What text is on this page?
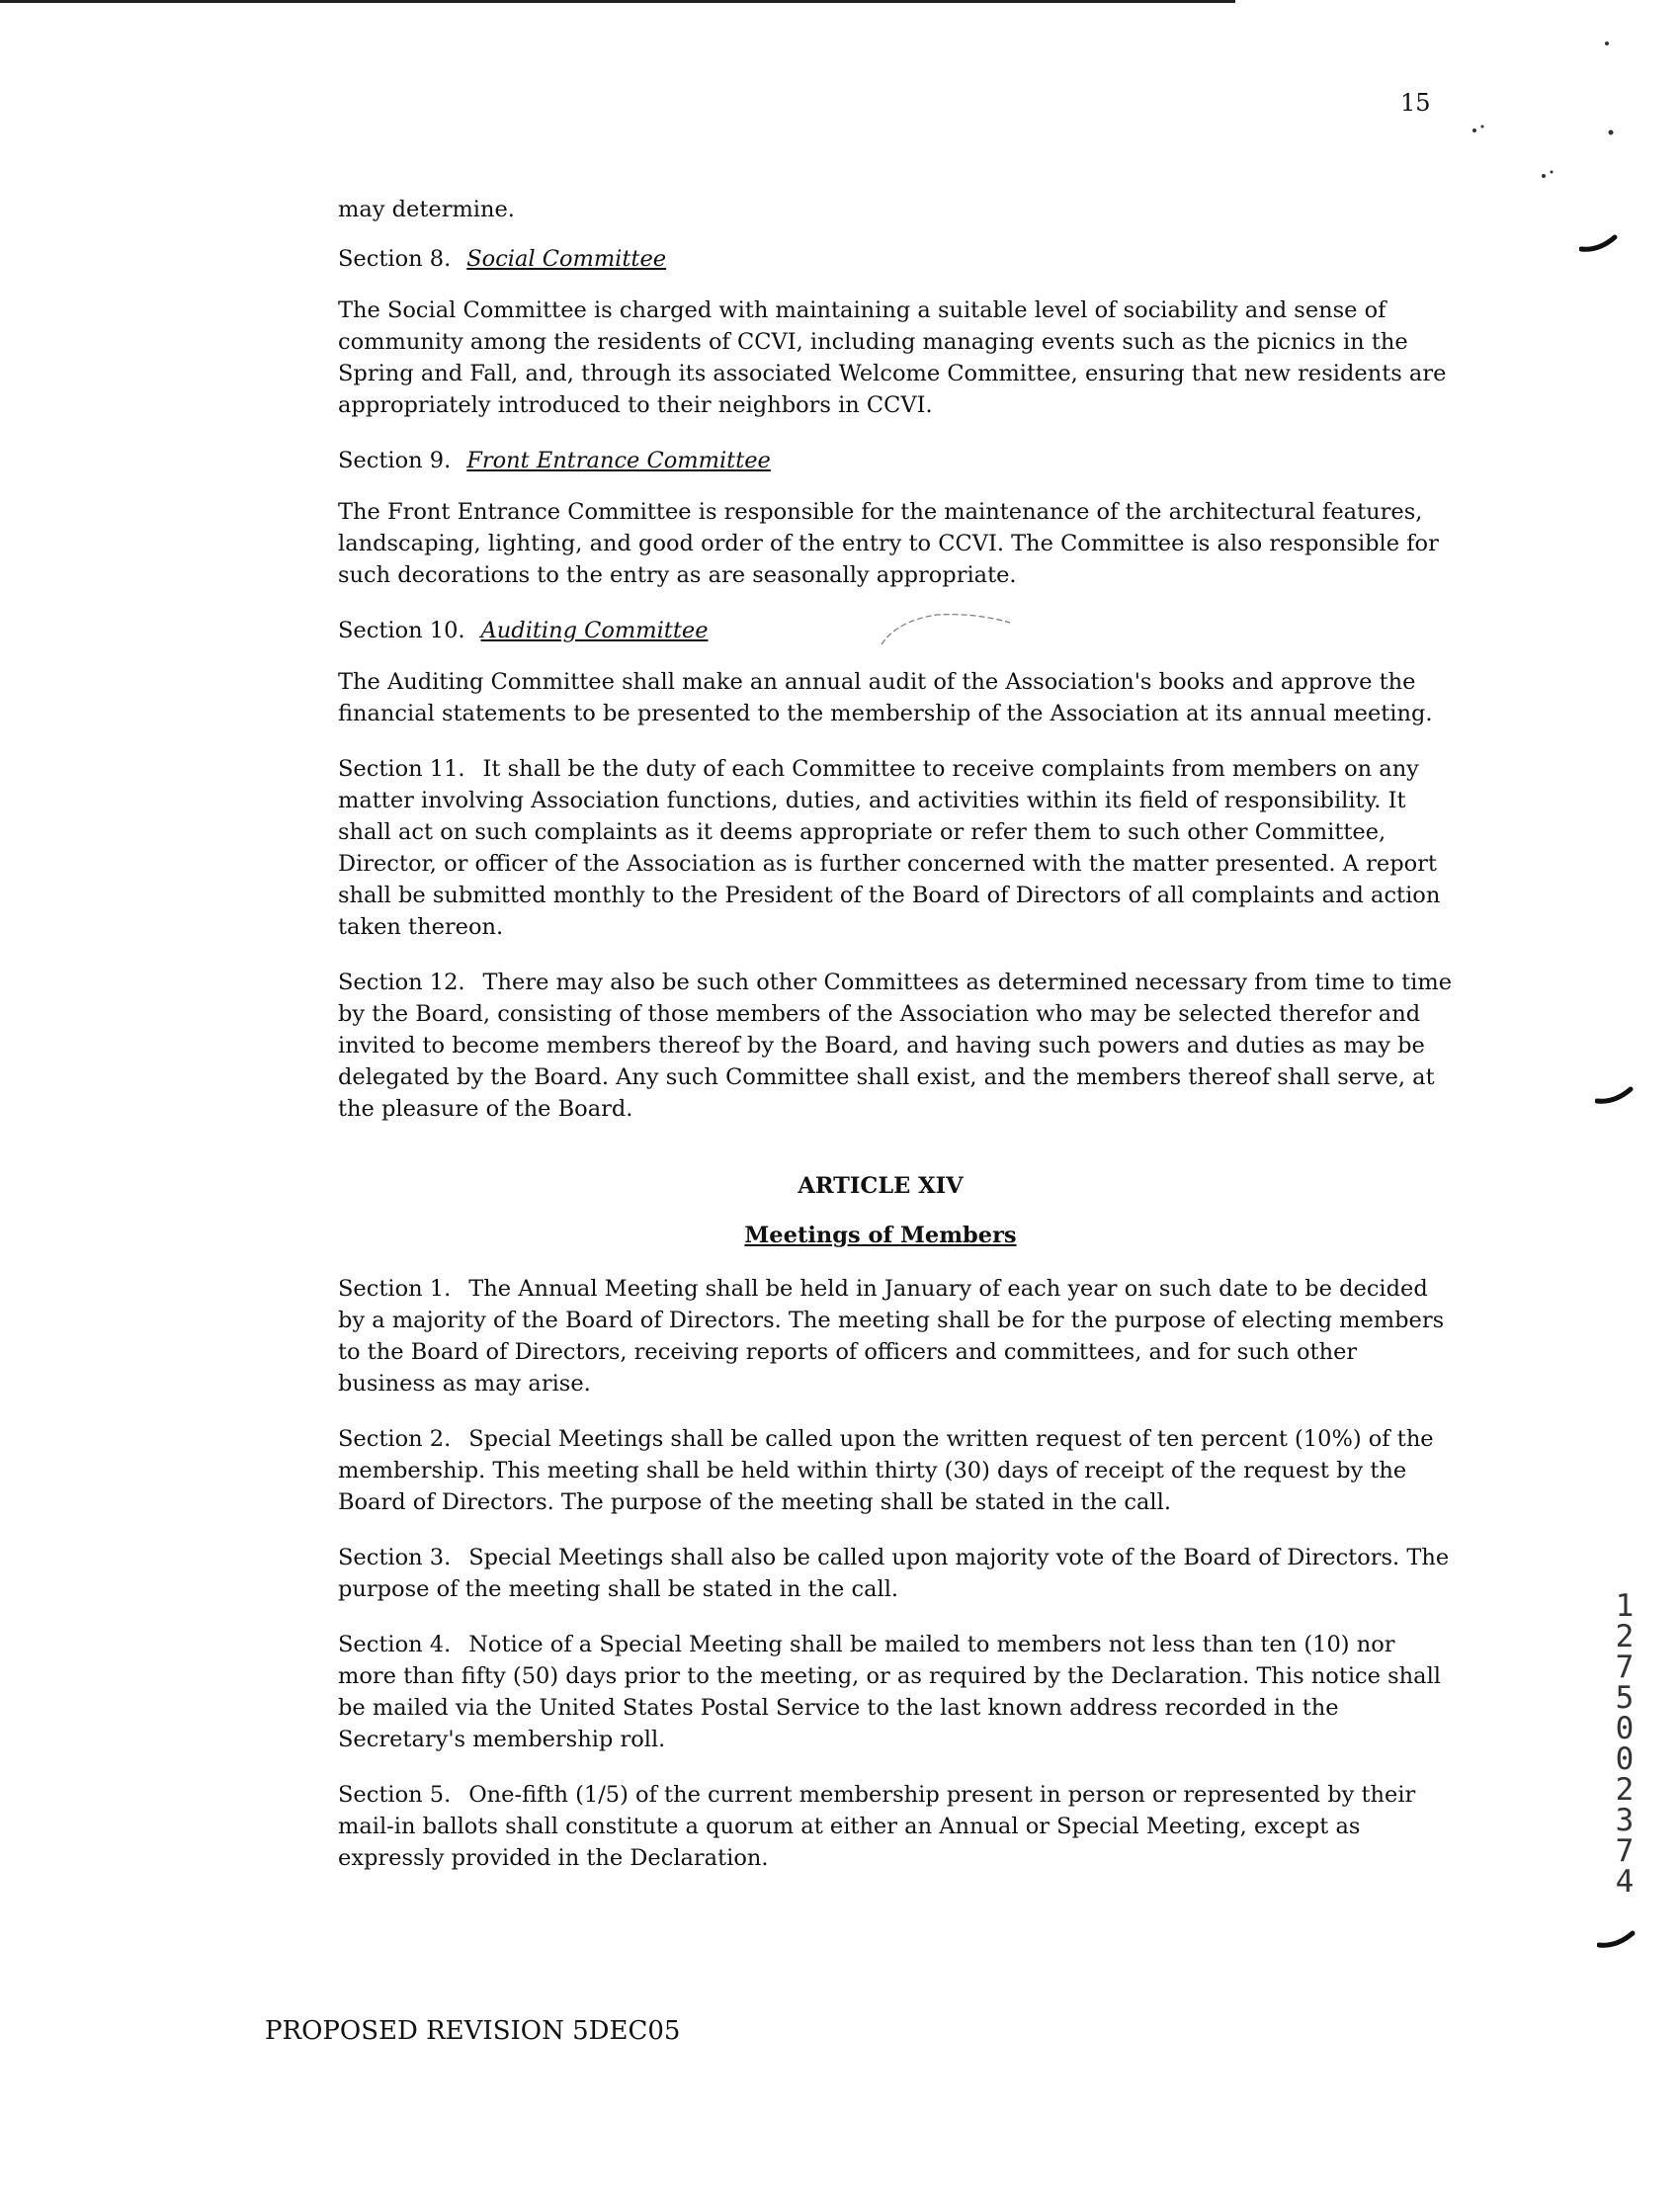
15

may determine.

Section 8. Social Committee

The Social Committee is charged with maintaining a suitable level of sociability and sense of community among the residents of CCVI, including managing events such as the picnics in the Spring and Fall, and, through its associated Welcome Committee, ensuring that new residents are appropriately introduced to their neighbors in CCVI.

Section 9. Front Entrance Committee

The Front Entrance Committee is responsible for the maintenance of the architectural features, landscaping, lighting, and good order of the entry to CCVI. The Committee is also responsible for such decorations to the entry as are seasonally appropriate.

Section 10. Auditing Committee

The Auditing Committee shall make an annual audit of the Association's books and approve the financial statements to be presented to the membership of the Association at its annual meeting.

Section 11. It shall be the duty of each Committee to receive complaints from members on any matter involving Association functions, duties, and activities within its field of responsibility. It shall act on such complaints as it deems appropriate or refer them to such other Committee, Director, or officer of the Association as is further concerned with the matter presented. A report shall be submitted monthly to the President of the Board of Directors of all complaints and action taken thereon.

Section 12. There may also be such other Committees as determined necessary from time to time by the Board, consisting of those members of the Association who may be selected therefor and invited to become members thereof by the Board, and having such powers and duties as may be delegated by the Board. Any such Committee shall exist, and the members thereof shall serve, at the pleasure of the Board.

ARTICLE XIV

Meetings of Members

Section 1. The Annual Meeting shall be held in January of each year on such date to be decided by a majority of the Board of Directors. The meeting shall be for the purpose of electing members to the Board of Directors, receiving reports of officers and committees, and for such other business as may arise.

Section 2. Special Meetings shall be called upon the written request of ten percent (10%) of the membership. This meeting shall be held within thirty (30) days of receipt of the request by the Board of Directors. The purpose of the meeting shall be stated in the call.

Section 3. Special Meetings shall also be called upon majority vote of the Board of Directors. The purpose of the meeting shall be stated in the call.

Section 4. Notice of a Special Meeting shall be mailed to members not less than ten (10) nor more than fifty (50) days prior to the meeting, or as required by the Declaration. This notice shall be mailed via the United States Postal Service to the last known address recorded in the Secretary's membership roll.

Section 5. One-fifth (1/5) of the current membership present in person or represented by their mail-in ballots shall constitute a quorum at either an Annual or Special Meeting, except as expressly provided in the Declaration.

PROPOSED REVISION 5DEC05
1
2
7
5
0
0
2
3
7
4
